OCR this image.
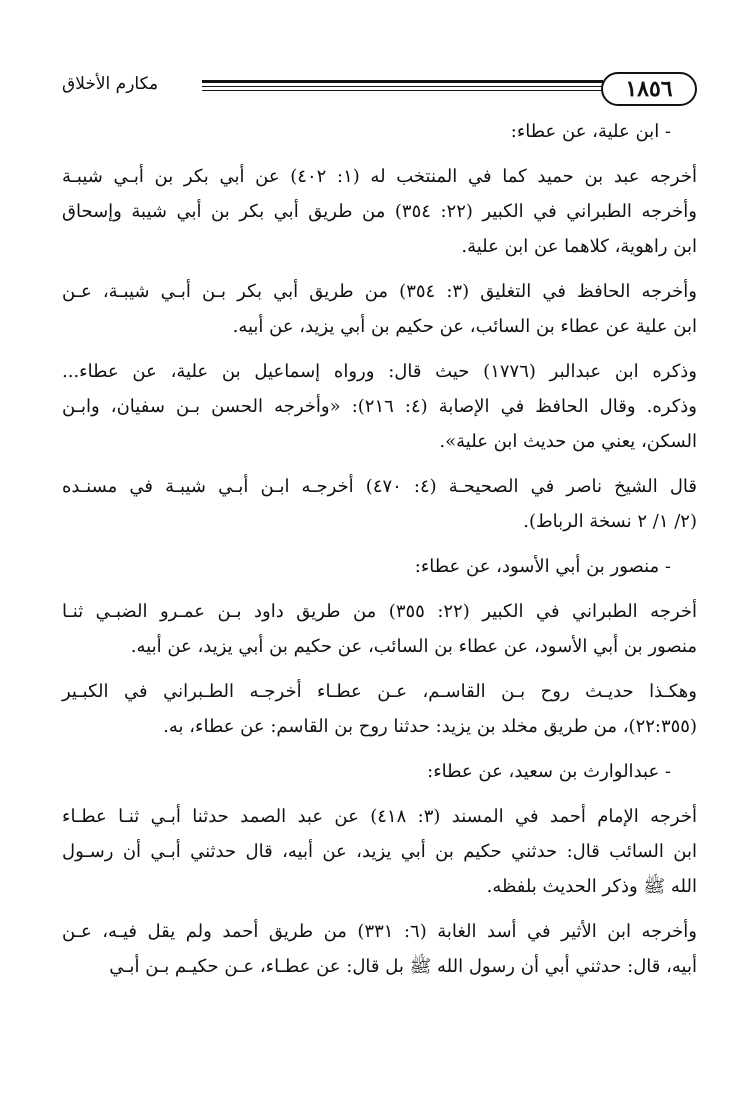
مكارم الأخلاق	١٨٥٦

- ابن علية، عن عطاء:

أخرجه عبد بن حميد كما في المنتخب له (١: ٤٠٢) عن أبي بكر بن أبـي شيبـة
وأخرجه الطبراني في الكبير (٢٢: ٣٥٤) من طريق أبي بكر بن أبي شيبة وإسحاق
ابن راهوية، كلاهما عن ابن علية.

وأخرجه الحافظ في التغليق (٣: ٣٥٤) من طريق أبي بكر بـن أبـي شيبـة، عـن
ابن علية عن عطاء بن السائب، عن حكيم بن أبي يزيد، عن أبيه.

وذكره ابن عبدالبر (١٧٧٦) حيث قال: ورواه إسماعيل بن علية، عن عطاء...
وذكره. وقال الحافظ في الإصابة (٤: ٢١٦): «وأخرجه الحسن بـن سفيان، وابـن
السكن، يعني من حديث ابن علية».

قال الشيخ ناصر في الصحيحـة (٤: ٤٧٠) أخرجـه ابـن أبـي شيبـة في مسنـده
(٢/ ١/ ٢ نسخة الرباط).

- منصور بن أبي الأسود، عن عطاء:

أخرجه الطبراني في الكبير (٢٢: ٣٥٥) من طريق داود بـن عمـرو الضبـي ثنـا
منصور بن أبي الأسود، عن عطاء بن السائب، عن حكيم بن أبي يزيد، عن أبيه.

وهكـذا حديـث روح بـن القاسـم، عـن عطـاء أخرجـه الطـبراني في الكبـير
(٢٢:٣٥٥)، من طريق مخلد بن يزيد: حدثنا روح بن القاسم: عن عطاء، به.

- عبدالوارث بن سعيد، عن عطاء:

أخرجه الإمام أحمد في المسند (٣: ٤١٨) عن عبد الصمد حدثنا أبـي ثنـا عطـاء
ابن السائب قال: حدثني حكيم بن أبي يزيد، عن أبيه، قال حدثني أبـي أن رسـول
الله ﷺ وذكر الحديث بلفظه.

وأخرجه ابن الأثير في أسد الغابة (٦: ٣٣١) من طريق أحمد ولم يقل فيـه، عـن
أبيه، قال: حدثني أبي أن رسول الله ﷺ بل قال: عن عطـاء، عـن حكيـم بـن أبـي
